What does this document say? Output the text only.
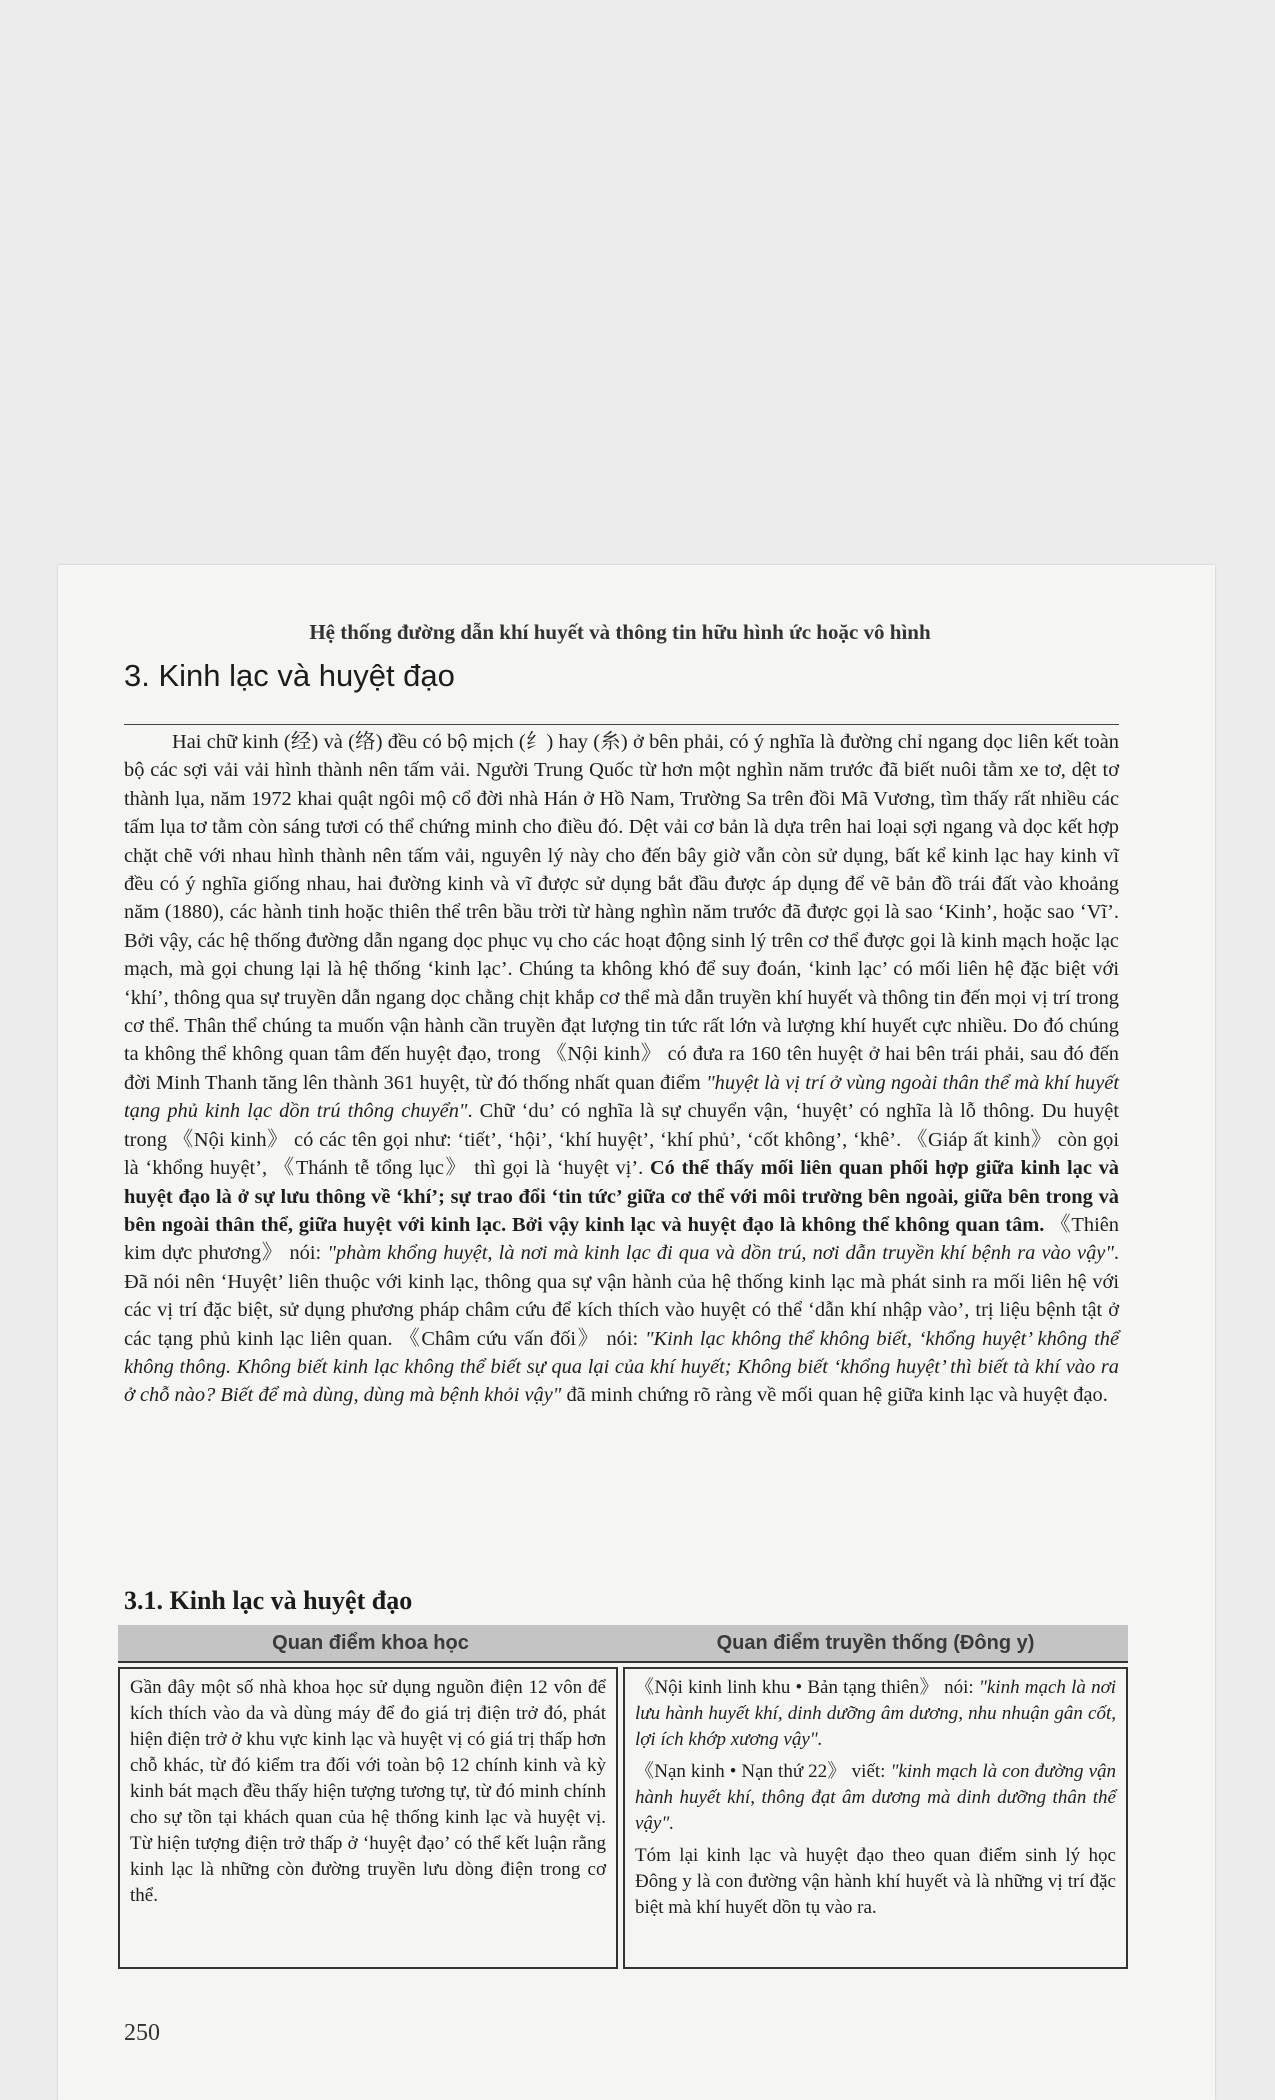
Hệ thống đường dẫn khí huyết và thông tin hữu hình ức hoặc vô hình
3. Kinh lạc và huyệt đạo

Hai chữ kinh (经) và (络) đều có bộ mịch (纟) hay (糸) ở bên phải, có ý nghĩa là đường chỉ ngang dọc liên kết toàn bộ các sợi vải vải hình thành nên tấm vải. Người Trung Quốc từ hơn một nghìn năm trước đã biết nuôi tằm xe tơ, dệt tơ thành lụa, năm 1972 khai quật ngôi mộ cổ đời nhà Hán ở Hồ Nam, Trường Sa trên đồi Mã Vương, tìm thấy rất nhiều các tấm lụa tơ tằm còn sáng tươi có thể chứng minh cho điều đó. Dệt vải cơ bản là dựa trên hai loại sợi ngang và dọc kết hợp chặt chẽ với nhau hình thành nên tấm vải, nguyên lý này cho đến bây giờ vẫn còn sử dụng, bất kể kinh lạc hay kinh vĩ đều có ý nghĩa giống nhau, hai đường kinh và vĩ được sử dụng bắt đầu được áp dụng để vẽ bản đồ trái đất vào khoảng năm (1880), các hành tinh hoặc thiên thể trên bầu trời từ hàng nghìn năm trước đã được gọi là sao ‘Kinh’, hoặc sao ‘Vĩ’. Bởi vậy, các hệ thống đường dẫn ngang dọc phục vụ cho các hoạt động sinh lý trên cơ thể được gọi là kinh mạch hoặc lạc mạch, mà gọi chung lại là hệ thống ‘kinh lạc’. Chúng ta không khó để suy đoán, ‘kinh lạc’ có mối liên hệ đặc biệt với ‘khí’, thông qua sự truyền dẫn ngang dọc chằng chịt khắp cơ thể mà dẫn truyền khí huyết và thông tin đến mọi vị trí trong cơ thể. Thân thể chúng ta muốn vận hành cần truyền đạt lượng tin tức rất lớn và lượng khí huyết cực nhiều. Do đó chúng ta không thể không quan tâm đến huyệt đạo, trong 《Nội kinh》 có đưa ra 160 tên huyệt ở hai bên trái phải, sau đó đến đời Minh Thanh tăng lên thành 361 huyệt, từ đó thống nhất quan điểm "huyệt là vị trí ở vùng ngoài thân thể mà khí huyết tạng phủ kinh lạc dồn trú thông chuyển". Chữ ‘du’ có nghĩa là sự chuyển vận, ‘huyệt’ có nghĩa là lỗ thông. Du huyệt trong 《Nội kinh》 có các tên gọi như: ‘tiết’, ‘hội’, ‘khí huyệt’, ‘khí phủ’, ‘cốt không’, ‘khê’. 《Giáp ất kinh》 còn gọi là ‘khổng huyệt’, 《Thánh tễ tổng lục》 thì gọi là ‘huyệt vị’. Có thể thấy mối liên quan phối hợp giữa kinh lạc và huyệt đạo là ở sự lưu thông về ‘khí’; sự trao đổi ‘tin tức’ giữa cơ thể với môi trường bên ngoài, giữa bên trong và bên ngoài thân thể, giữa huyệt với kinh lạc. Bởi vậy kinh lạc và huyệt đạo là không thể không quan tâm. 《Thiên kim dực phương》 nói: "phàm khổng huyệt, là nơi mà kinh lạc đi qua và dồn trú, nơi dẫn truyền khí bệnh ra vào vậy". Đã nói nên ‘Huyệt’ liên thuộc với kinh lạc, thông qua sự vận hành của hệ thống kinh lạc mà phát sinh ra mối liên hệ với các vị trí đặc biệt, sử dụng phương pháp châm cứu để kích thích vào huyệt có thể ‘dẫn khí nhập vào’, trị liệu bệnh tật ở các tạng phủ kinh lạc liên quan. 《Châm cứu vấn đối》 nói: "Kinh lạc không thể không biết, ‘khổng huyệt’ không thể không thông. Không biết kinh lạc không thể biết sự qua lại của khí huyết; Không biết ‘khổng huyệt’ thì biết tà khí vào ra ở chỗ nào? Biết để mà dùng, dùng mà bệnh khỏi vậy" đã minh chứng rõ ràng về mối quan hệ giữa kinh lạc và huyệt đạo.

3.1. Kinh lạc và huyệt đạo
Quan điểm khoa học	Quan điểm truyền thống (Đông y)
Gần đây một số nhà khoa học sử dụng nguồn điện 12 vôn để kích thích vào da và dùng máy để đo giá trị điện trở đó, phát hiện điện trở ở khu vực kinh lạc và huyệt vị có giá trị thấp hơn chỗ khác, từ đó kiểm tra đối với toàn bộ 12 chính kinh và kỳ kinh bát mạch đều thấy hiện tượng tương tự, từ đó minh chính cho sự tồn tại khách quan của hệ thống kinh lạc và huyệt vị. Từ hiện tượng điện trở thấp ở ‘huyệt đạo’ có thể kết luận rằng kinh lạc là những còn đường truyền lưu dòng điện trong cơ thể.

《Nội kinh linh khu • Bản tạng thiên》 nói: "kinh mạch là nơi lưu hành huyết khí, dinh dưỡng âm dương, nhu nhuận gân cốt, lợi ích khớp xương vậy".

《Nạn kinh • Nạn thứ 22》 viết: "kinh mạch là con đường vận hành huyết khí, thông đạt âm dương mà dinh dưỡng thân thể vậy".

Tóm lại kinh lạc và huyệt đạo theo quan điểm sinh lý học Đông y là con đường vận hành khí huyết và là những vị trí đặc biệt mà khí huyết dồn tụ vào ra.

250
